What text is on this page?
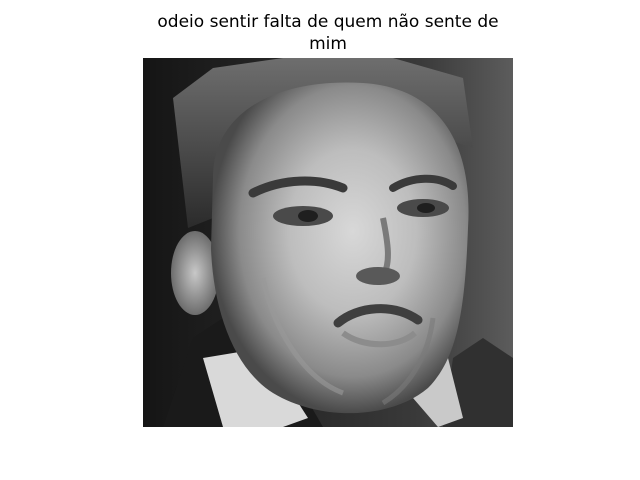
odeio sentir falta de quem não sente de mim
